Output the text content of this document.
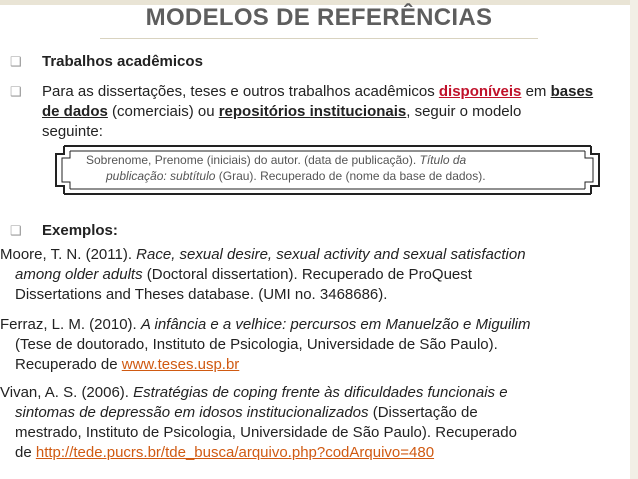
MODELOS DE REFERÊNCIAS
❑ Trabalhos acadêmicos
❑ Para as dissertações, teses e outros trabalhos acadêmicos disponíveis em bases de dados (comerciais) ou repositórios institucionais, seguir o modelo
seguinte:
Sobrenome, Prenome (iniciais) do autor. (data de publicação). Título da
publicação: subtítulo (Grau). Recuperado de (nome da base de dados).
❑ Exemplos:
Moore, T. N. (2011). Race, sexual desire, sexual activity and sexual satisfaction
among older adults (Doctoral dissertation). Recuperado de ProQuest
Dissertations and Theses database. (UMI no. 3468686).
Ferraz, L. M. (2010). A infância e a velhice: percursos em Manuelzão e Miguilim
(Tese de doutorado, Instituto de Psicologia, Universidade de São Paulo).
Recuperado de www.teses.usp.br
Vivan, A. S. (2006). Estratégias de coping frente às dificuldades funcionais e
sintomas de depressão em idosos institucionalizados (Dissertação de
mestrado, Instituto de Psicologia, Universidade de São Paulo). Recuperado
de http://tede.pucrs.br/tde_busca/arquivo.php?codArquivo=480
